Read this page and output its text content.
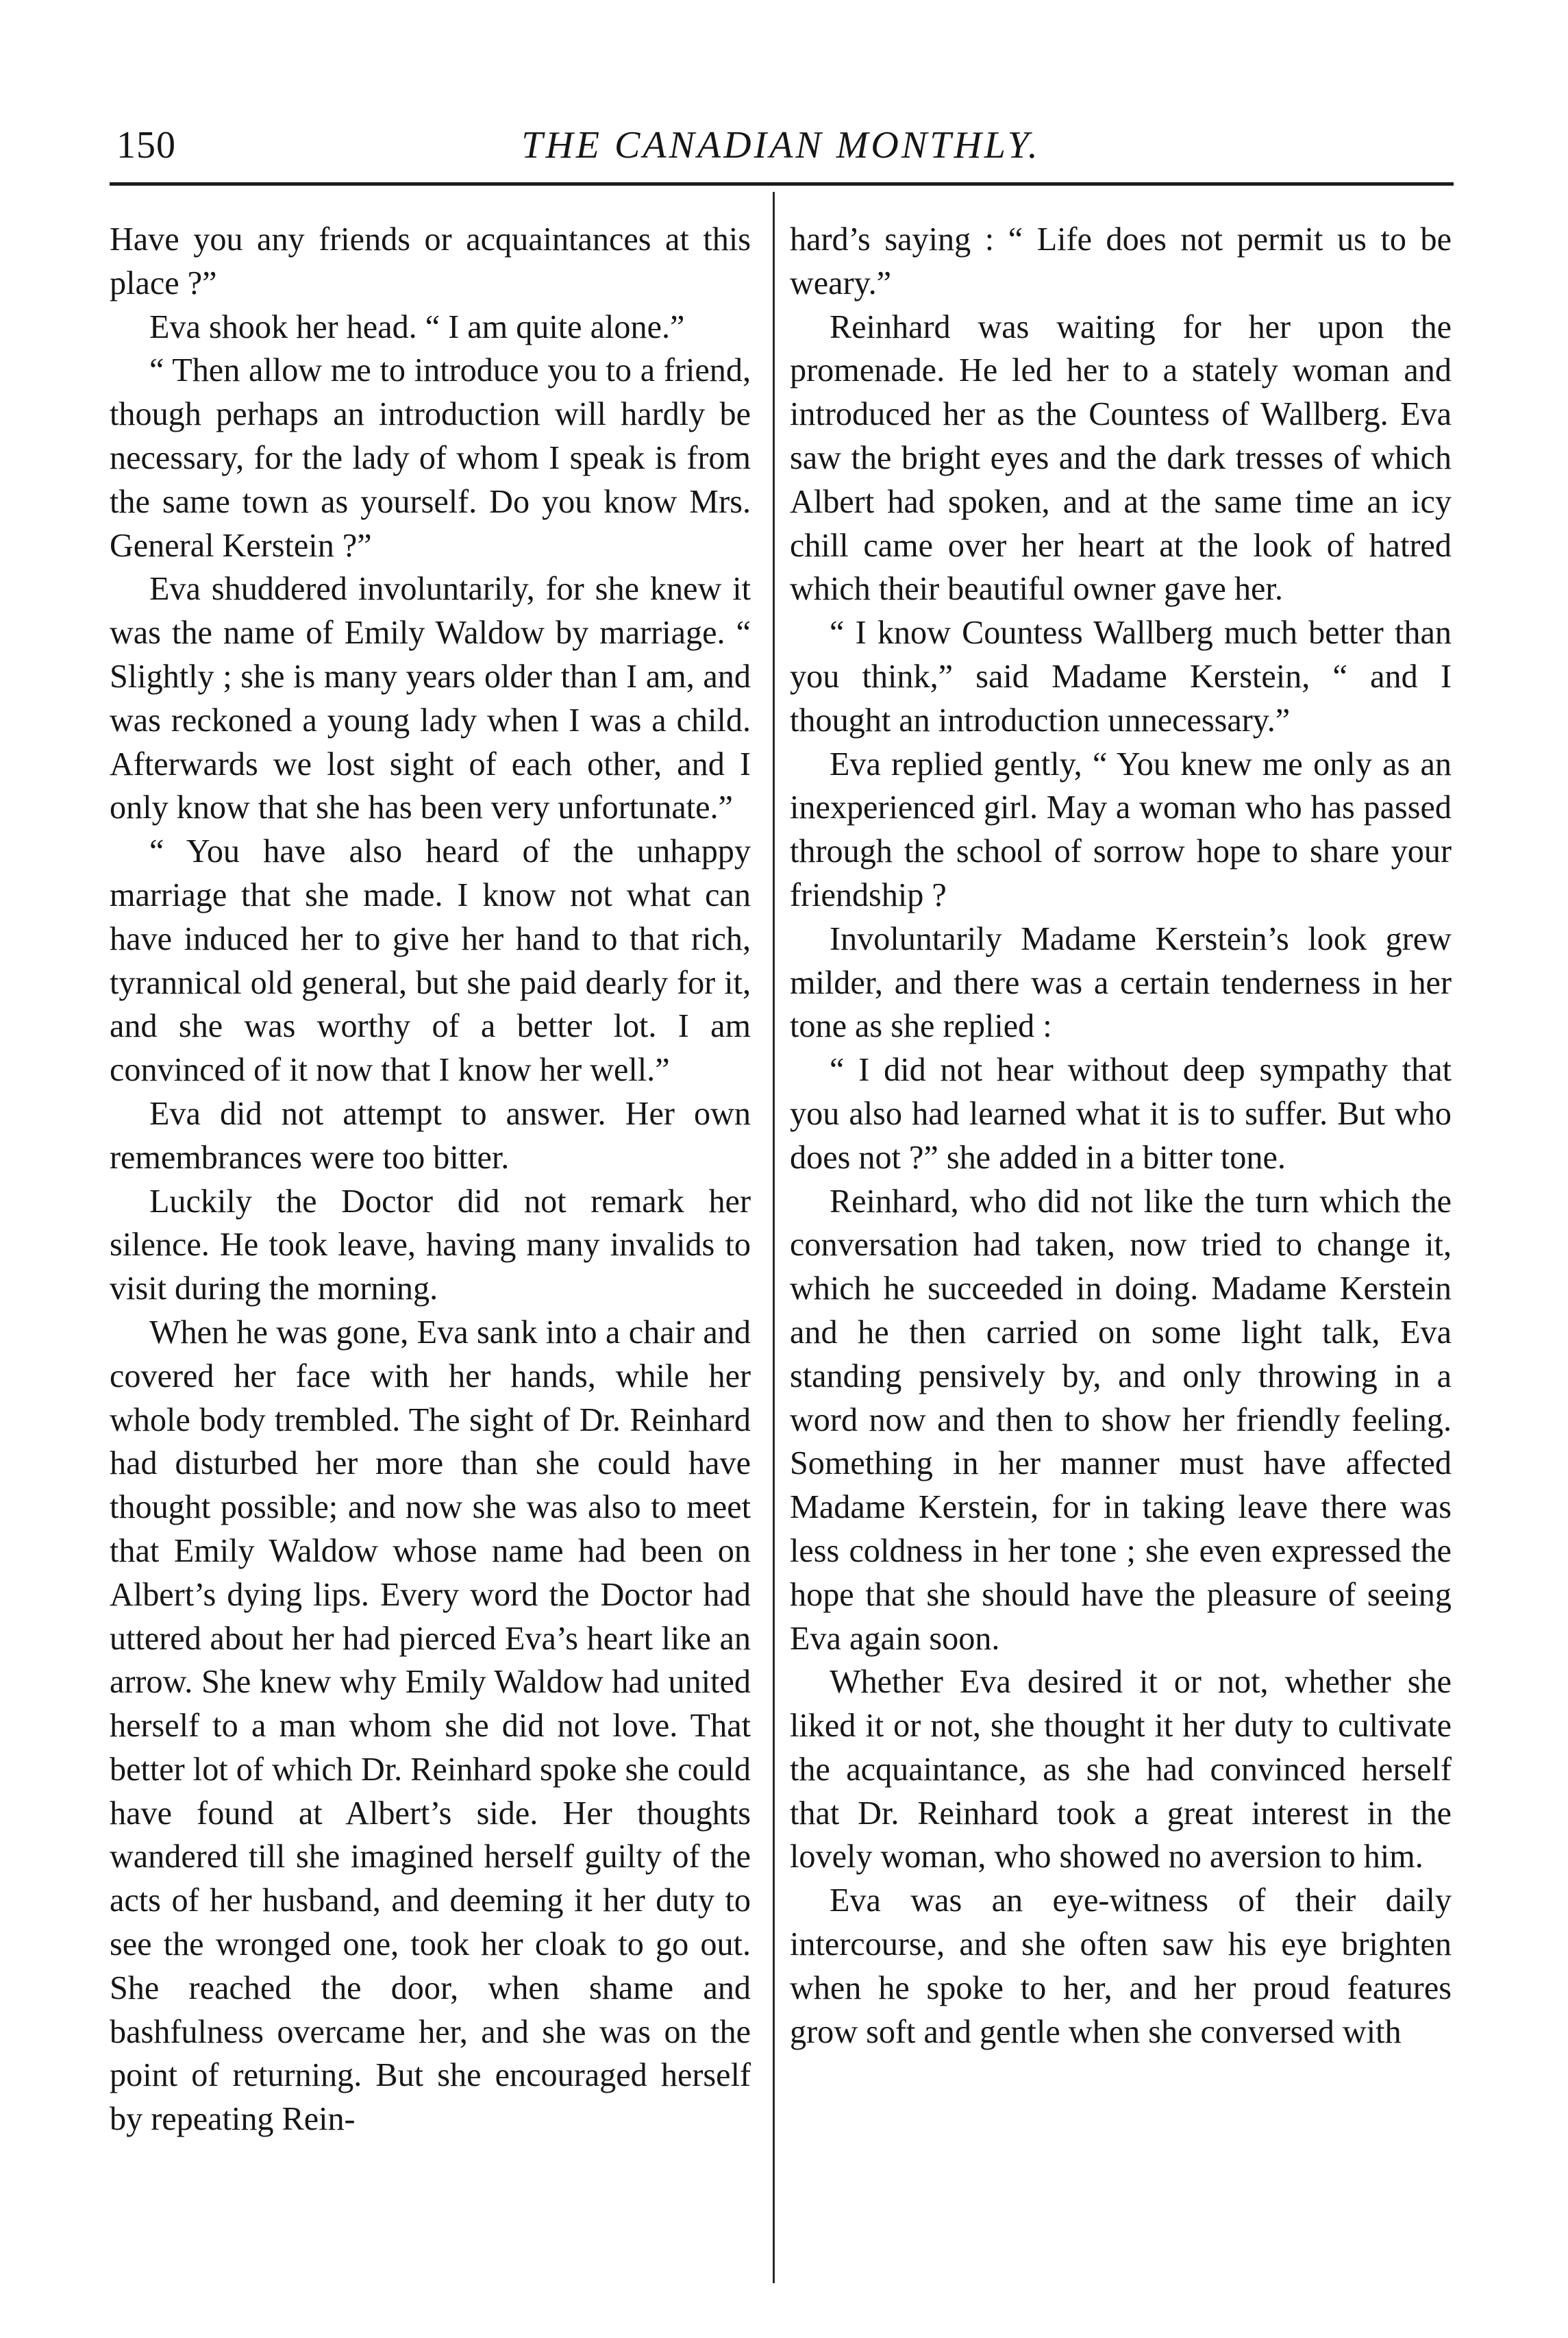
150	THE CANADIAN MONTHLY.

Have you any friends or acquaintances at this place ?”

Eva shook her head. “ I am quite alone.”

“ Then allow me to introduce you to a friend, though perhaps an introduction will hardly be necessary, for the lady of whom I speak is from the same town as yourself. Do you know Mrs. General Kerstein ?”

Eva shuddered involuntarily, for she knew it was the name of Emily Waldow by marriage. “ Slightly ; she is many years older than I am, and was reckoned a young lady when I was a child. Afterwards we lost sight of each other, and I only know that she has been very unfortunate.”

“ You have also heard of the unhappy marriage that she made. I know not what can have induced her to give her hand to that rich, tyrannical old general, but she paid dearly for it, and she was worthy of a better lot. I am convinced of it now that I know her well.”

Eva did not attempt to answer. Her own remembrances were too bitter.

Luckily the Doctor did not remark her silence. He took leave, having many invalids to visit during the morning.

When he was gone, Eva sank into a chair and covered her face with her hands, while her whole body trembled. The sight of Dr. Reinhard had disturbed her more than she could have thought possible; and now she was also to meet that Emily Waldow whose name had been on Albert’s dying lips. Every word the Doctor had uttered about her had pierced Eva’s heart like an arrow. She knew why Emily Waldow had united herself to a man whom she did not love. That better lot of which Dr. Reinhard spoke she could have found at Albert’s side. Her thoughts wandered till she imagined herself guilty of the acts of her husband, and deeming it her duty to see the wronged one, took her cloak to go out. She reached the door, when shame and bashfulness overcame her, and she was on the point of returning. But she encouraged herself by repeating Rein-

hard’s saying : “ Life does not permit us to be weary.”

Reinhard was waiting for her upon the promenade. He led her to a stately woman and introduced her as the Countess of Wallberg. Eva saw the bright eyes and the dark tresses of which Albert had spoken, and at the same time an icy chill came over her heart at the look of hatred which their beautiful owner gave her.

“ I know Countess Wallberg much better than you think,” said Madame Kerstein, “ and I thought an introduction unnecessary.”

Eva replied gently, “ You knew me only as an inexperienced girl. May a woman who has passed through the school of sorrow hope to share your friendship ?

Involuntarily Madame Kerstein’s look grew milder, and there was a certain tenderness in her tone as she replied :

“ I did not hear without deep sympathy that you also had learned what it is to suffer. But who does not ?” she added in a bitter tone.

Reinhard, who did not like the turn which the conversation had taken, now tried to change it, which he succeeded in doing. Madame Kerstein and he then carried on some light talk, Eva standing pensively by, and only throwing in a word now and then to show her friendly feeling. Something in her manner must have affected Madame Kerstein, for in taking leave there was less coldness in her tone ; she even expressed the hope that she should have the pleasure of seeing Eva again soon.

Whether Eva desired it or not, whether she liked it or not, she thought it her duty to cultivate the acquaintance, as she had convinced herself that Dr. Reinhard took a great interest in the lovely woman, who showed no aversion to him.

Eva was an eye-witness of their daily intercourse, and she often saw his eye brighten when he spoke to her, and her proud features grow soft and gentle when she conversed with
